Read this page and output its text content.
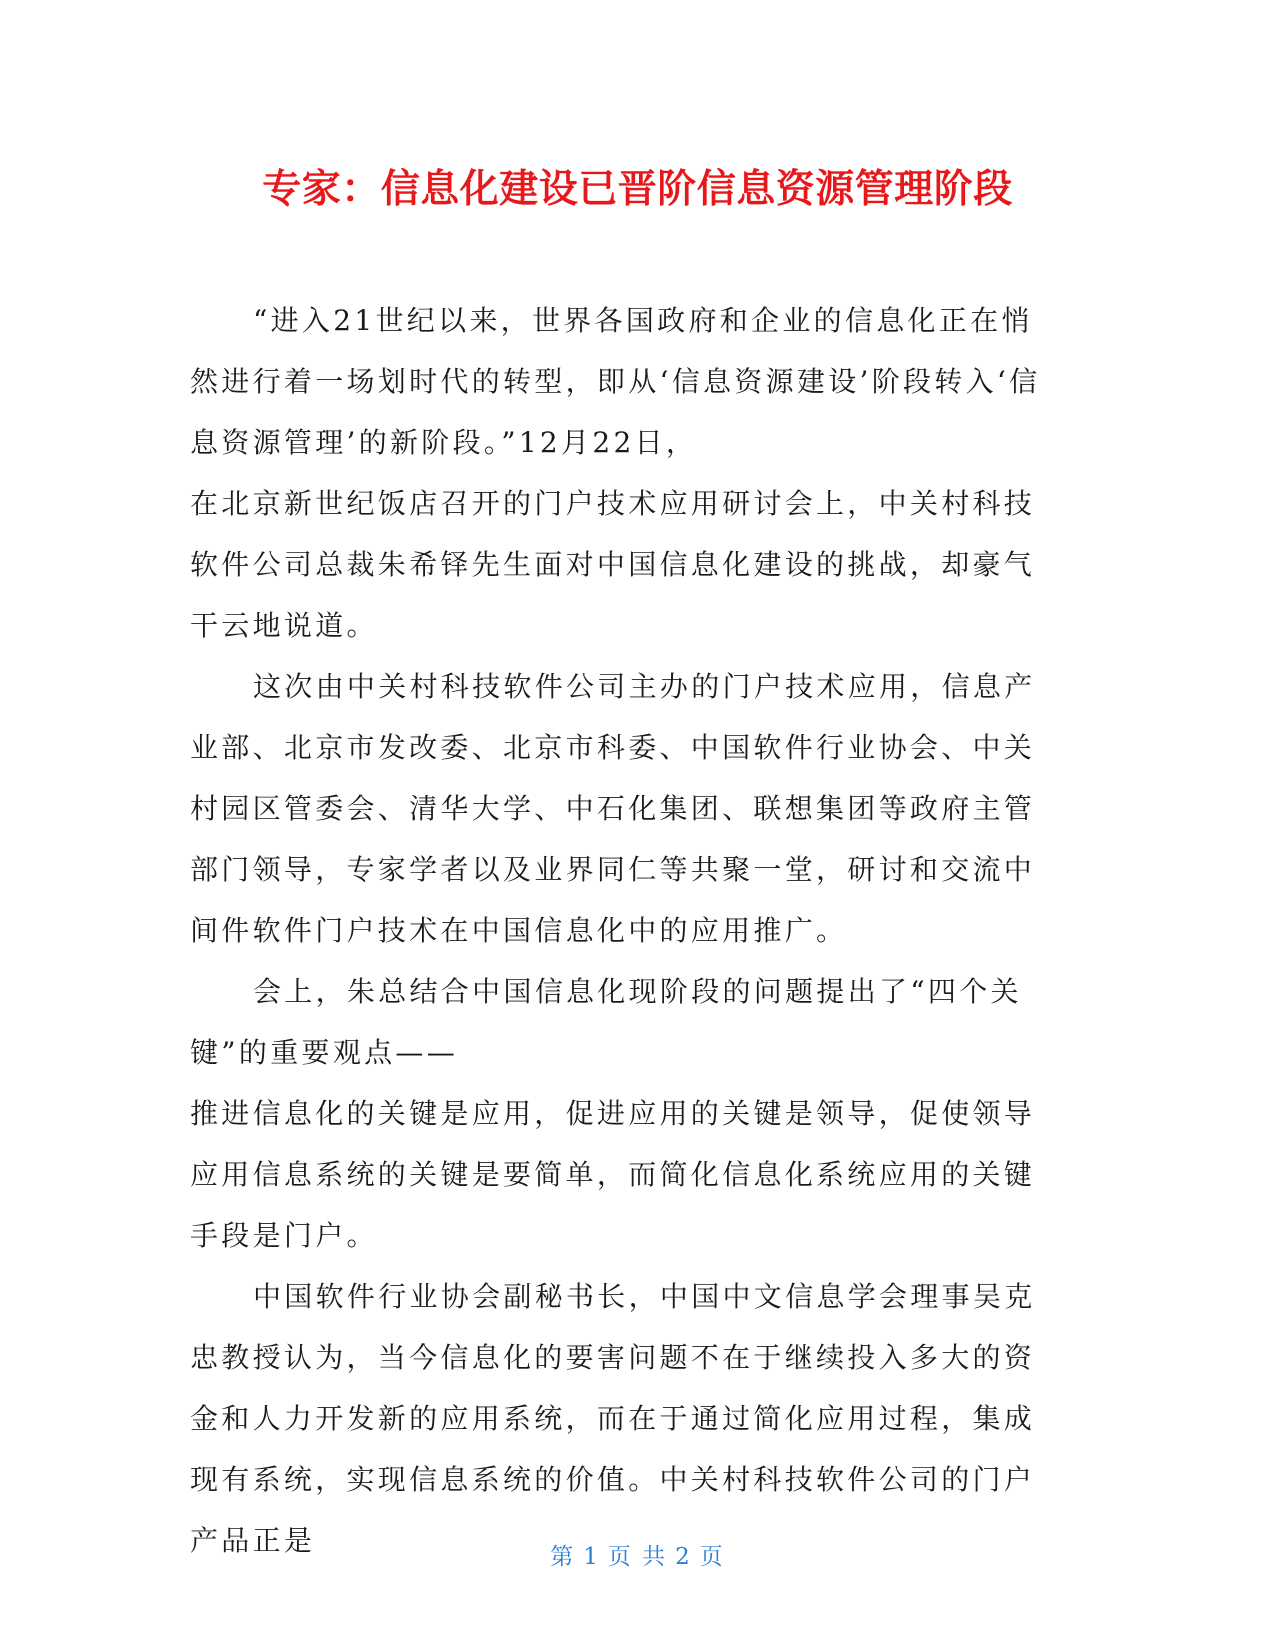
专家：信息化建设已晋阶信息资源管理阶段

“进入21世纪以来，世界各国政府和企业的信息化正在悄然进行着一场划时代的转型，即从‘信息资源建设’阶段转入‘信息资源管理’的新阶段。”12月22日，

在北京新世纪饭店召开的门户技术应用研讨会上，中关村科技软件公司总裁朱希铎先生面对中国信息化建设的挑战，却豪气干云地说道。

这次由中关村科技软件公司主办的门户技术应用，信息产业部、北京市发改委、北京市科委、中国软件行业协会、中关村园区管委会、清华大学、中石化集团、联想集团等政府主管部门领导，专家学者以及业界同仁等共聚一堂，研讨和交流中间件软件门户技术在中国信息化中的应用推广。

会上，朱总结合中国信息化现阶段的问题提出了“四个关键”的重要观点——

推进信息化的关键是应用，促进应用的关键是领导，促使领导应用信息系统的关键是要简单，而简化信息化系统应用的关键手段是门户。

中国软件行业协会副秘书长，中国中文信息学会理事吴克忠教授认为，当今信息化的要害问题不在于继续投入多大的资金和人力开发新的应用系统，而在于通过简化应用过程，集成现有系统，实现信息系统的价值。中关村科技软件公司的门户产品正是	第 1 页 共 2 页
